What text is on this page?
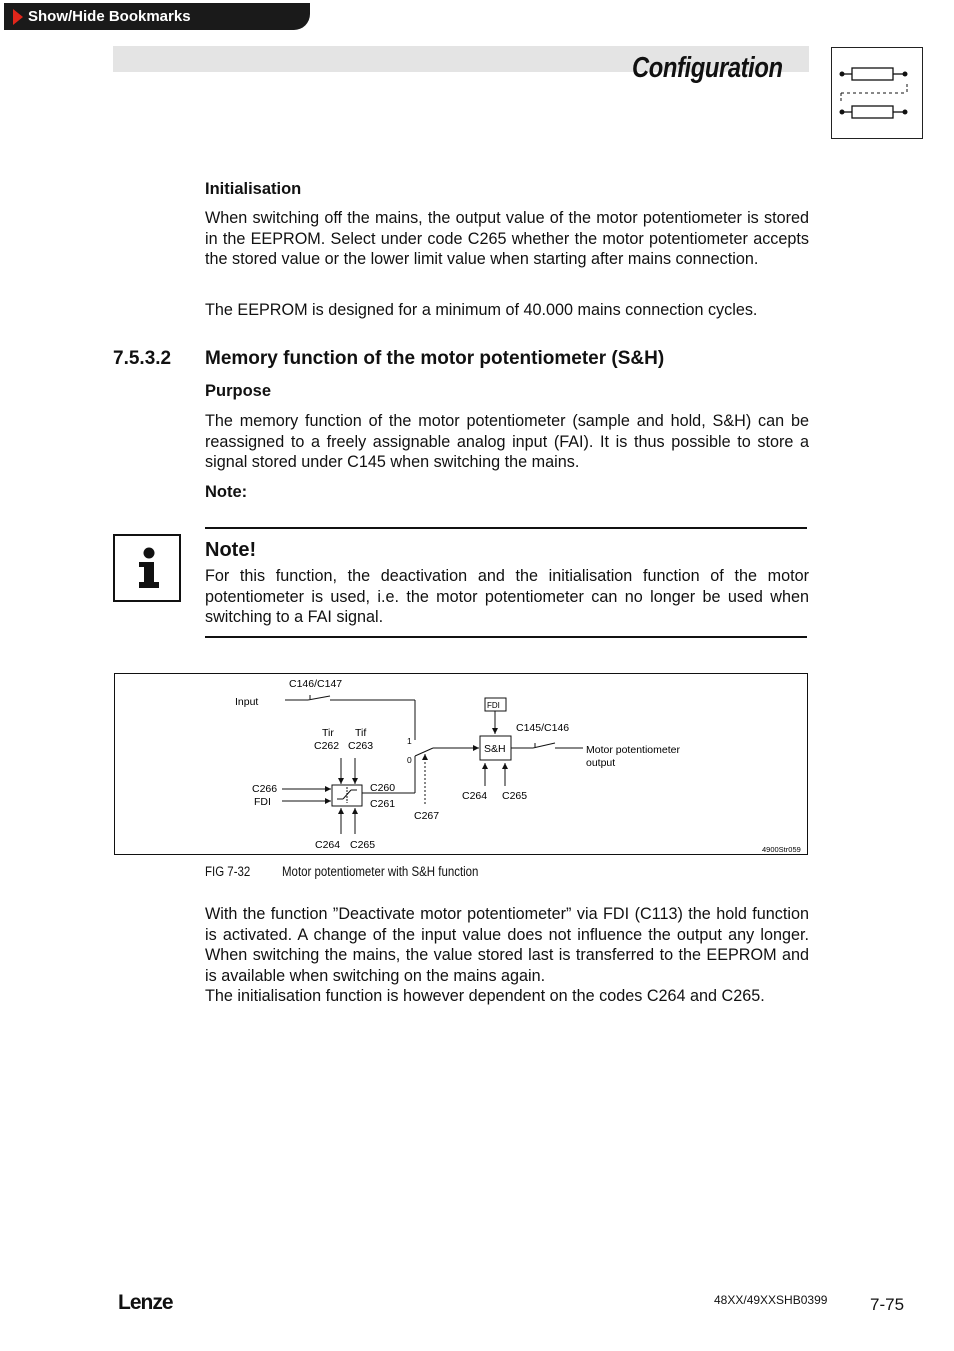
Show/Hide Bookmarks
Configuration
Initialisation
When switching off the mains, the output value of the motor potentiometer is stored in the EEPROM. Select under code C265 whether the motor potentiometer accepts the stored value or the lower limit value when starting after mains connection.
The EEPROM is designed for a minimum of 40.000 mains connection cycles.
7.5.3.2 Memory function of the motor potentiometer (S&H)
Purpose
The memory function of the motor potentiometer (sample and hold, S&H) can be reassigned to a freely assignable analog input (FAI). It is thus possible to store a signal stored under C145 when switching the mains.
Note:
Note!
For this function, the deactivation and the initialisation function of the motor potentiometer is used, i.e. the motor potentiometer can no longer be used when switching to a FAI signal.
C146/C147
Input
Tir Tif
C262 C263
C266
FDI
C260
C261
C264 C265
1
0
C267
FDI
S&H
C264 C265
C145/C146
Motor potentiometer
output
4900Str059
FIG 7-32 Motor potentiometer with S&H function
With the function ”Deactivate motor potentiometer” via FDI (C113) the hold function is activated. A change of the input value does not influence the output any longer. When switching the mains, the value stored last is transferred to the EEPROM and is available when switching on the mains again.
The initialisation function is however dependent on the codes C264 and C265.
Lenze	48XX/49XXSHB0399	7-75
